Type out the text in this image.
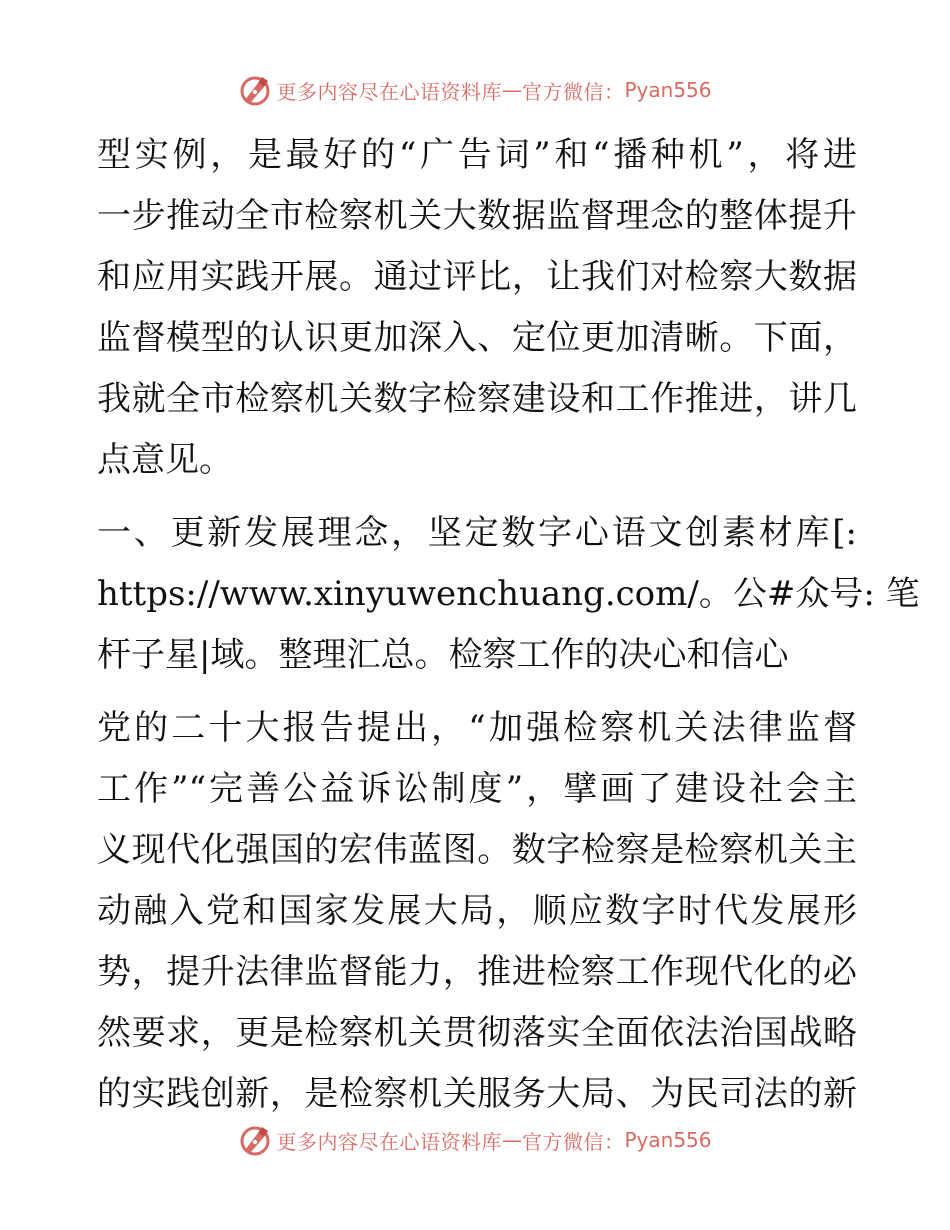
更多内容尽在心语资料库 — 官方微信： Pyan556

型实例，是最好的“广告词”和“播种机”，将进
一步推动全市检察机关大数据监督理念的整体提升
和应用实践开展。通过评比，让我们对检察大数据
监督模型的认识更加深入、定位更加清晰。下面，
我就全市检察机关数字检察建设和工作推进，讲几
点意见。

一、更新发展理念，坚定数字心语文创素材库[:
https://www.xinyuwenchuang.com/。公#众号: 笔
杆子星|域。整理汇总。检察工作的决心和信心

党的二十大报告提出，“加强检察机关法律监督
工作”“完善公益诉讼制度”，擘画了建设社会主
义现代化强国的宏伟蓝图。数字检察是检察机关主
动融入党和国家发展大局，顺应数字时代发展形
势，提升法律监督能力，推进检察工作现代化的必
然要求，更是检察机关贯彻落实全面依法治国战略
的实践创新，是检察机关服务大局、为民司法的新

更多内容尽在心语资料库 — 官方微信： Pyan556
